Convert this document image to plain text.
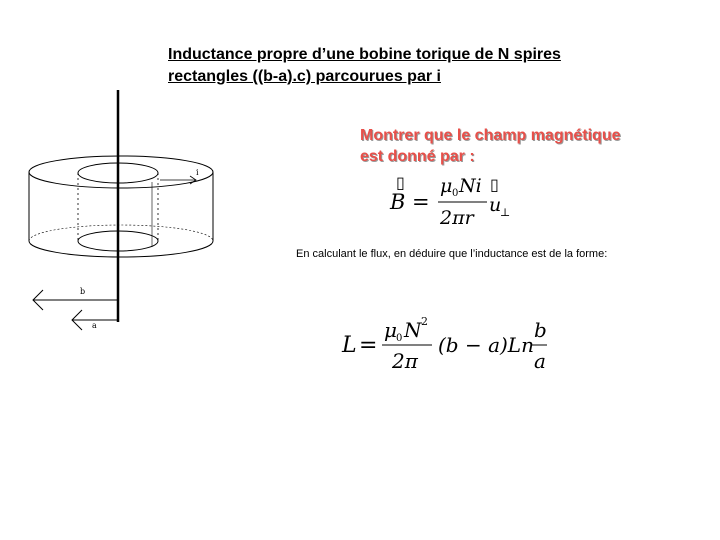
Inductance propre d’une bobine torique de N spires
rectangles ((b-a).c) parcourues par i
Montrer que le champ magnétique
est donné par :
En calculant le flux, en déduire que l’inductance est de la forme:
i
b
a
▯
B =
μ 0 Ni
2πr
▯
u
⊥
L =
μ 0 N 2
2π
(b − a)Ln
b
a
